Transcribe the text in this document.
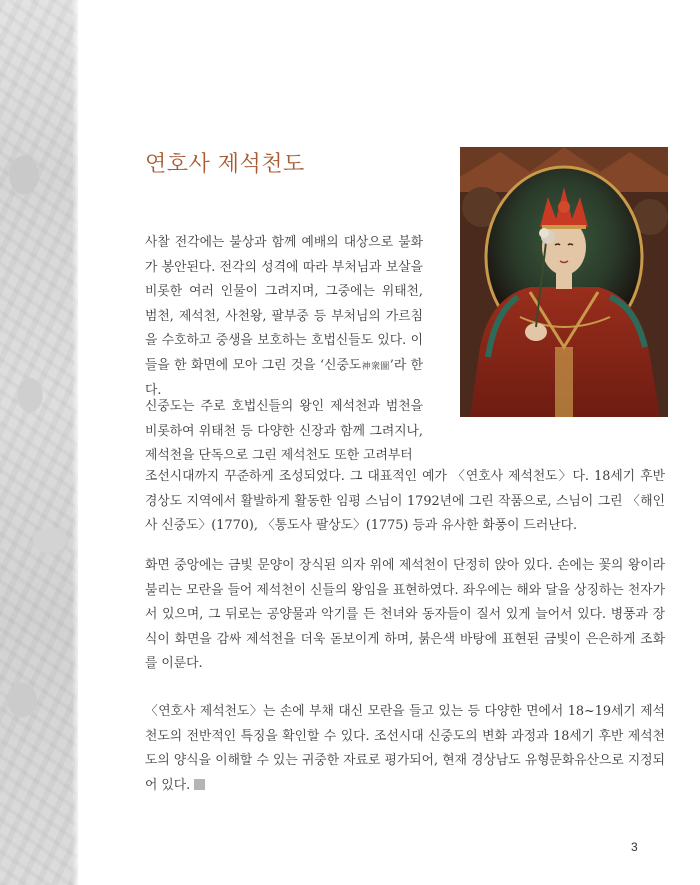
연호사 제석천도

사찰 전각에는 불상과 함께 예배의 대상으로 불화가 봉안된다. 전각의 성격에 따라 부처님과 보살을 비롯한 여러 인물이 그려지며, 그중에는 위태천, 범천, 제석천, 사천왕, 팔부중 등 부처님의 가르침을 수호하고 중생을 보호하는 호법신들도 있다. 이들을 한 화면에 모아 그린 것을 ‘신중도神衆圖’라 한다.

신중도는 주로 호법신들의 왕인 제석천과 범천을 비롯하여 위태천 등 다양한 신장과 함께 그려지나, 제석천을 단독으로 그린 제석천도 또한 고려부터

조선시대까지 꾸준하게 조성되었다. 그 대표적인 예가 〈연호사 제석천도〉다. 18세기 후반 경상도 지역에서 활발하게 활동한 임평 스님이 1792년에 그린 작품으로, 스님이 그린 〈해인사 신중도〉(1770), 〈통도사 팔상도〉(1775) 등과 유사한 화풍이 드러난다.

화면 중앙에는 금빛 문양이 장식된 의자 위에 제석천이 단정히 앉아 있다. 손에는 꽃의 왕이라 불리는 모란을 들어 제석천이 신들의 왕임을 표현하였다. 좌우에는 해와 달을 상징하는 천자가 서 있으며, 그 뒤로는 공양물과 악기를 든 천녀와 동자들이 질서 있게 늘어서 있다. 병풍과 장식이 화면을 감싸 제석천을 더욱 돋보이게 하며, 붉은색 바탕에 표현된 금빛이 은은하게 조화를 이룬다.

〈연호사 제석천도〉는 손에 부채 대신 모란을 들고 있는 등 다양한 면에서 18~19세기 제석천도의 전반적인 특징을 확인할 수 있다. 조선시대 신중도의 변화 과정과 18세기 후반 제석천도의 양식을 이해할 수 있는 귀중한 자료로 평가되어, 현재 경상남도 유형문화유산으로 지정되어 있다.

3
